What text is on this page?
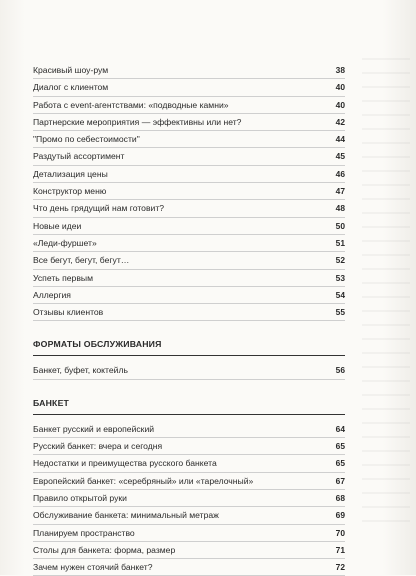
Красивый шоу-рум	38
Диалог с клиентом	40
Работа с event-агентствами: «подводные камни»	40
Партнерские мероприятия — эффективны или нет?	42
"Промо по себестоимости"	44
Раздутый ассортимент	45
Детализация цены	46
Конструктор меню	47
Что день грядущий нам готовит?	48
Новые идеи	50
«Леди-фуршет»	51
Все бегут, бегут, бегут…	52
Успеть первым	53
Аллергия	54
Отзывы клиентов	55
ФОРМАТЫ ОБСЛУЖИВАНИЯ
Банкет, буфет, коктейль	56
БАНКЕТ
Банкет русский и европейский	64
Русский банкет: вчера и сегодня	65
Недостатки и преимущества русского банкета	65
Европейский банкет: «серебряный» или «тарелочный»	67
Правило открытой руки	68
Обслуживание банкета: минимальный метраж	69
Планируем пространство	70
Столы для банкета: форма, размер	71
Зачем нужен стоячий банкет?	72
